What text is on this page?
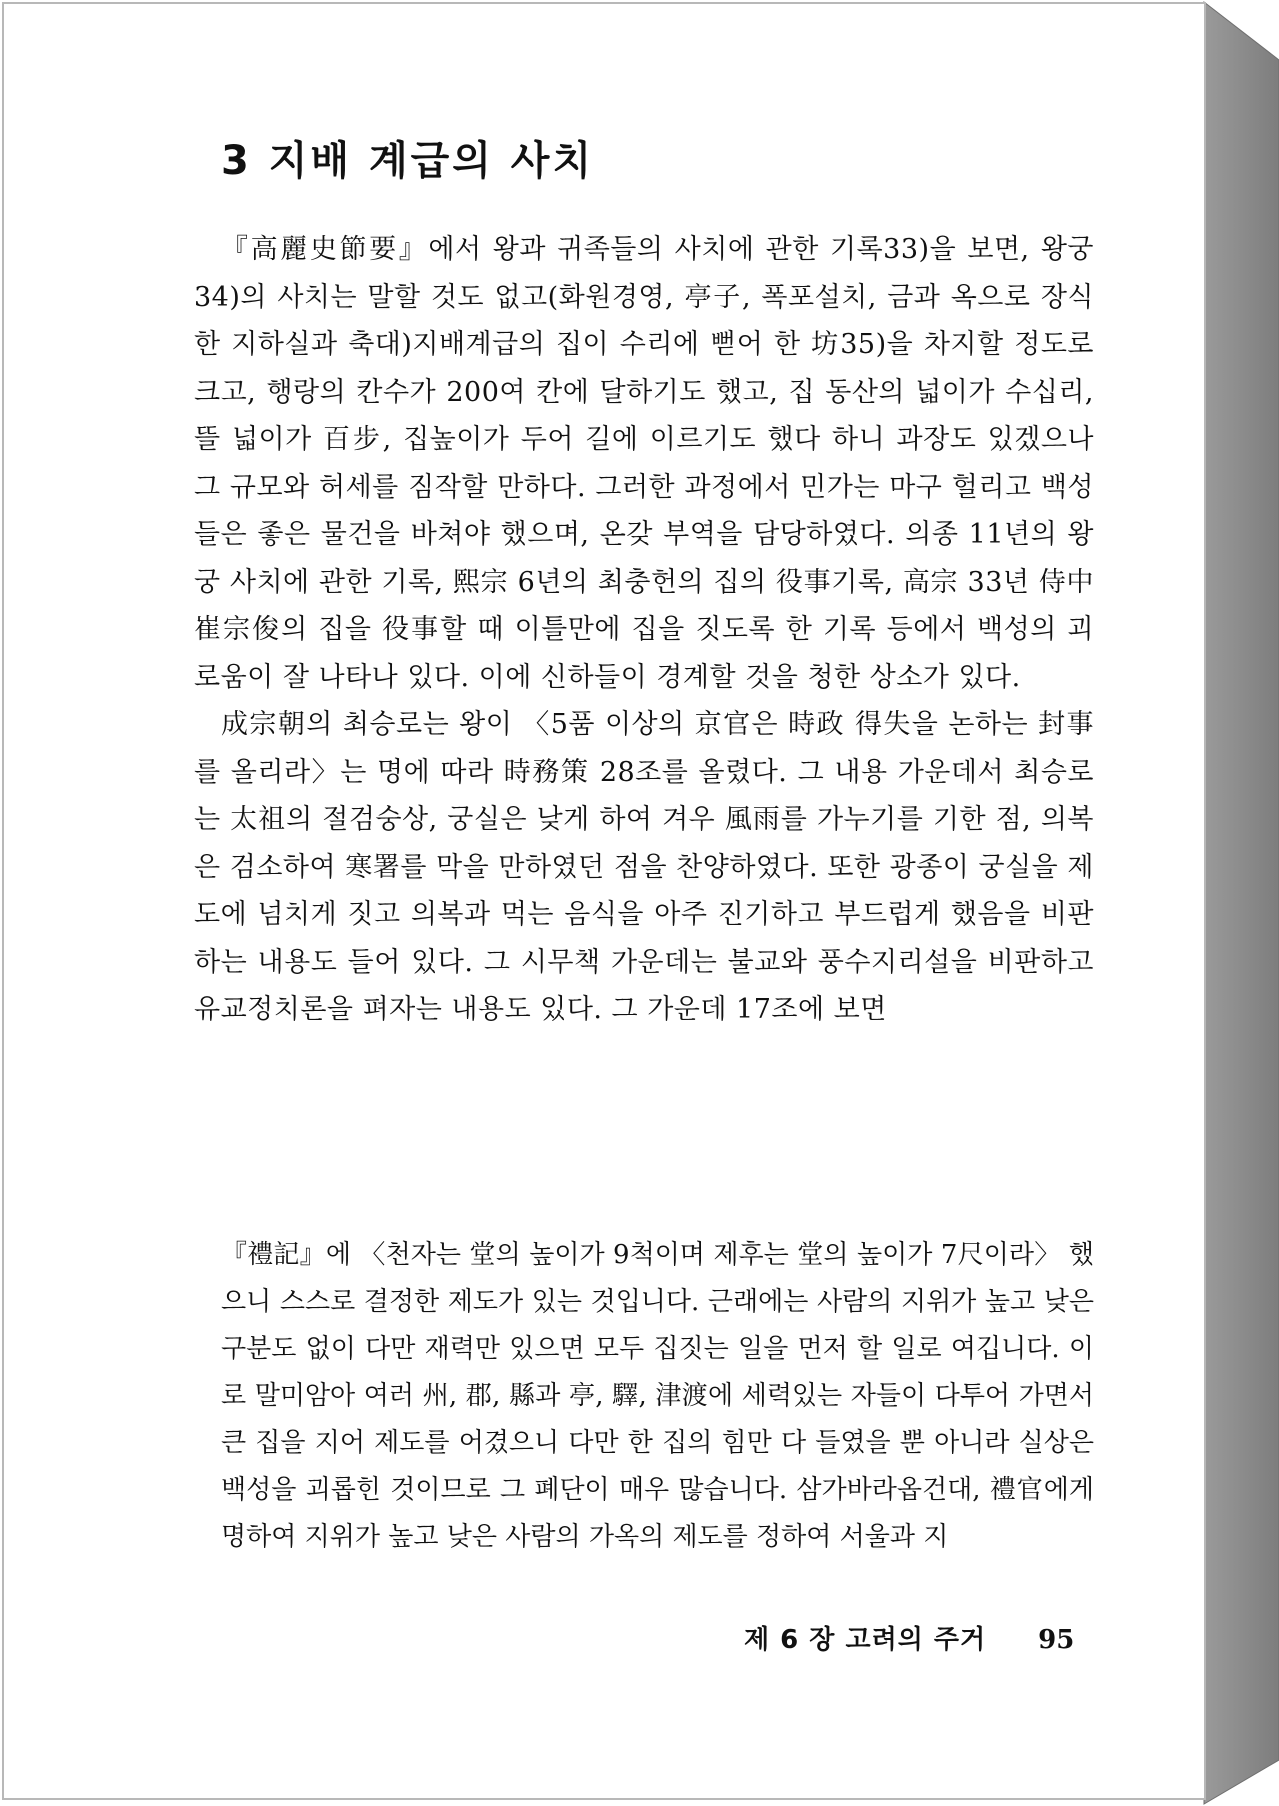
3 지배 계급의 사치

『高麗史節要』에서 왕과 귀족들의 사치에 관한 기록33)을 보면, 왕궁34)의 사치는 말할 것도 없고(화원경영, 亭子, 폭포설치, 금과 옥으로 장식한 지하실과 축대)지배계급의 집이 수리에 뻗어 한 坊35)을 차지할 정도로 크고, 행랑의 칸수가 200여 칸에 달하기도 했고, 집 동산의 넓이가 수십리, 뜰 넓이가 百步, 집높이가 두어 길에 이르기도 했다 하니 과장도 있겠으나 그 규모와 허세를 짐작할 만하다. 그러한 과정에서 민가는 마구 헐리고 백성들은 좋은 물건을 바쳐야 했으며, 온갖 부역을 담당하였다. 의종 11년의 왕궁 사치에 관한 기록, 熙宗 6년의 최충헌의 집의 役事기록, 高宗 33년 侍中 崔宗俊의 집을 役事할 때 이틀만에 집을 짓도록 한 기록 등에서 백성의 괴로움이 잘 나타나 있다. 이에 신하들이 경계할 것을 청한 상소가 있다.

成宗朝의 최승로는 왕이 〈5품 이상의 京官은 時政 得失을 논하는 封事를 올리라〉는 명에 따라 時務策 28조를 올렸다. 그 내용 가운데서 최승로는 太祖의 절검숭상, 궁실은 낮게 하여 겨우 風雨를 가누기를 기한 점, 의복은 검소하여 寒署를 막을 만하였던 점을 찬양하였다. 또한 광종이 궁실을 제도에 넘치게 짓고 의복과 먹는 음식을 아주 진기하고 부드럽게 했음을 비판하는 내용도 들어 있다. 그 시무책 가운데는 불교와 풍수지리설을 비판하고 유교정치론을 펴자는 내용도 있다. 그 가운데 17조에 보면

『禮記』에 〈천자는 堂의 높이가 9척이며 제후는 堂의 높이가 7尺이라〉 했으니 스스로 결정한 제도가 있는 것입니다. 근래에는 사람의 지위가 높고 낮은 구분도 없이 다만 재력만 있으면 모두 집짓는 일을 먼저 할 일로 여깁니다. 이로 말미암아 여러 州, 郡, 縣과 亭, 驛, 津渡에 세력있는 자들이 다투어 가면서 큰 집을 지어 제도를 어겼으니 다만 한 집의 힘만 다 들였을 뿐 아니라 실상은 백성을 괴롭힌 것이므로 그 폐단이 매우 많습니다. 삼가바라옵건대, 禮官에게 명하여 지위가 높고 낮은 사람의 가옥의 제도를 정하여 서울과 지

제 6 장 고려의 주거 95
